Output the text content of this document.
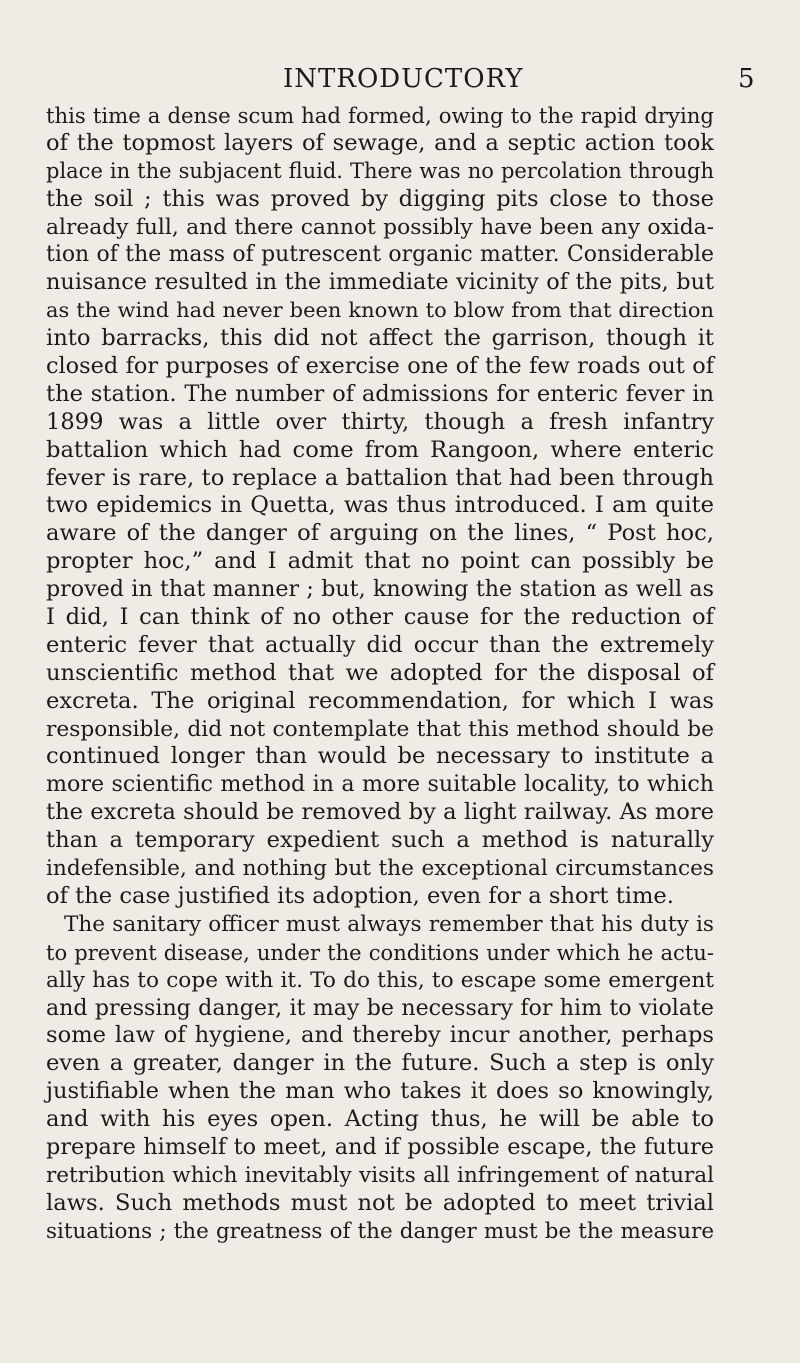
INTRODUCTORY	5
this time a dense scum had formed, owing to the rapid drying
of the topmost layers of sewage, and a septic action took
place in the subjacent fluid. There was no percolation through
the soil ; this was proved by digging pits close to those
already full, and there cannot possibly have been any oxida-
tion of the mass of putrescent organic matter. Considerable
nuisance resulted in the immediate vicinity of the pits, but
as the wind had never been known to blow from that direction
into barracks, this did not affect the garrison, though it
closed for purposes of exercise one of the few roads out of
the station. The number of admissions for enteric fever in
1899 was a little over thirty, though a fresh infantry
battalion which had come from Rangoon, where enteric
fever is rare, to replace a battalion that had been through
two epidemics in Quetta, was thus introduced. I am quite
aware of the danger of arguing on the lines, “ Post hoc,
propter hoc,” and I admit that no point can possibly be
proved in that manner ; but, knowing the station as well as
I did, I can think of no other cause for the reduction of
enteric fever that actually did occur than the extremely
unscientific method that we adopted for the disposal of
excreta. The original recommendation, for which I was
responsible, did not contemplate that this method should be
continued longer than would be necessary to institute a
more scientific method in a more suitable locality, to which
the excreta should be removed by a light railway. As more
than a temporary expedient such a method is naturally
indefensible, and nothing but the exceptional circumstances
of the case justified its adoption, even for a short time.
The sanitary officer must always remember that his duty is
to prevent disease, under the conditions under which he actu-
ally has to cope with it. To do this, to escape some emergent
and pressing danger, it may be necessary for him to violate
some law of hygiene, and thereby incur another, perhaps
even a greater, danger in the future. Such a step is only
justifiable when the man who takes it does so knowingly,
and with his eyes open. Acting thus, he will be able to
prepare himself to meet, and if possible escape, the future
retribution which inevitably visits all infringement of natural
laws. Such methods must not be adopted to meet trivial
situations ; the greatness of the danger must be the measure
